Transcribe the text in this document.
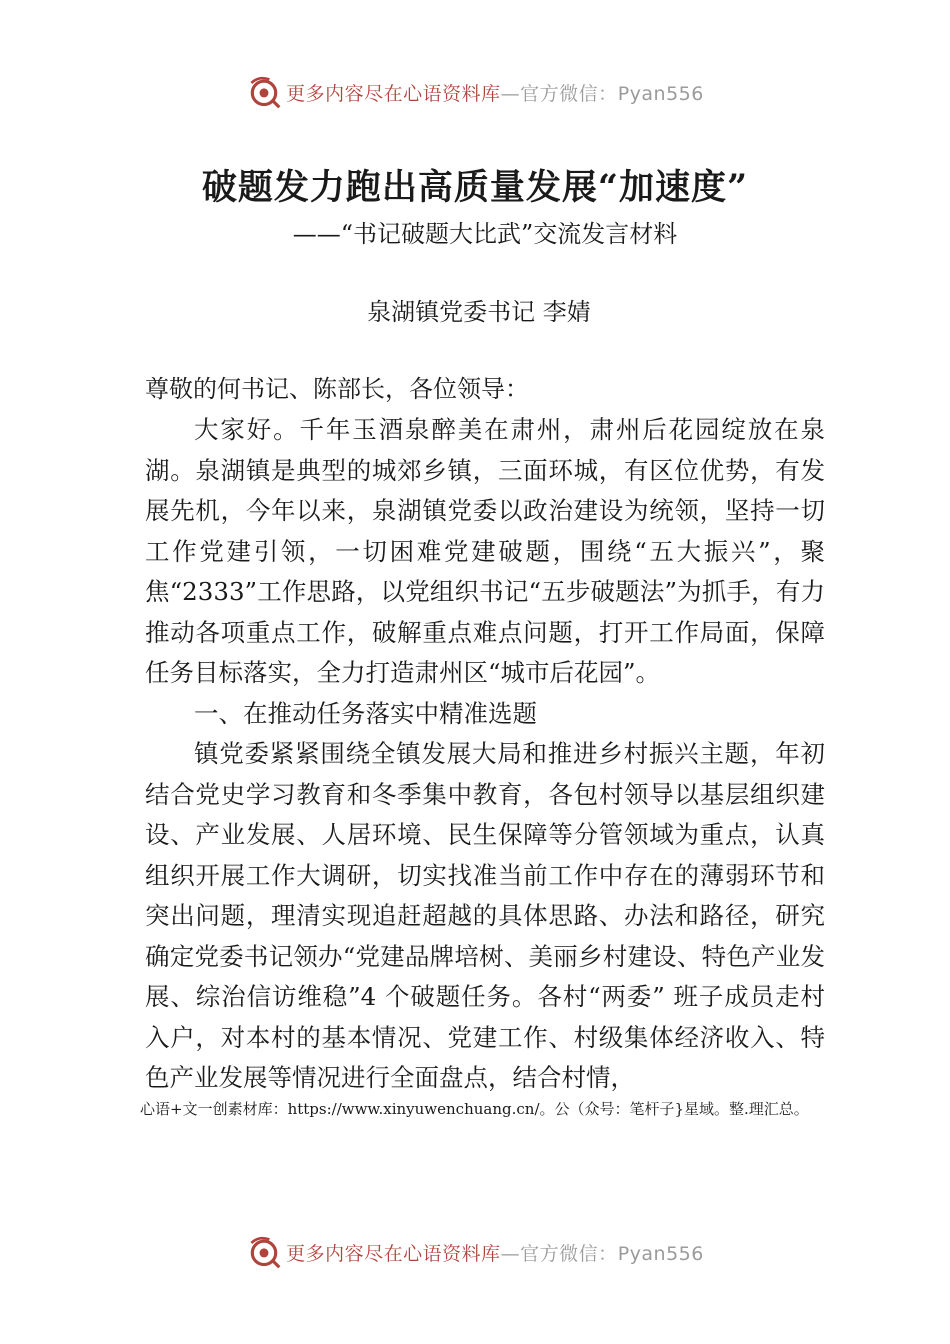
更多内容尽在心语资料库—官方微信：Pyan556
破题发力跑出高质量发展“加速度”
——“书记破题大比武”交流发言材料
泉湖镇党委书记 李婧
尊敬的何书记、陈部长，各位领导：

大家好。千年玉酒泉醉美在肃州，肃州后花园绽放在泉湖。泉湖镇是典型的城郊乡镇，三面环城，有区位优势，有发展先机，今年以来，泉湖镇党委以政治建设为统领，坚持一切工作党建引领，一切困难党建破题，围绕“五大振兴”，聚焦“2333”工作思路，以党组织书记“五步破题法”为抓手，有力推动各项重点工作，破解重点难点问题，打开工作局面，保障任务目标落实，全力打造肃州区“城市后花园”。

一、在推动任务落实中精准选题

镇党委紧紧围绕全镇发展大局和推进乡村振兴主题，年初结合党史学习教育和冬季集中教育，各包村领导以基层组织建设、产业发展、人居环境、民生保障等分管领域为重点，认真组织开展工作大调研，切实找准当前工作中存在的薄弱环节和突出问题，理清实现追赶超越的具体思路、办法和路径，研究确定党委书记领办“党建品牌培树、美丽乡村建设、特色产业发展、综治信访维稳”4 个破题任务。各村“两委” 班子成员走村入户，对本村的基本情况、党建工作、村级集体经济收入、特色产业发展等情况进行全面盘点，结合村情，

心语+文一创素材库：https://www.xinyuwenchuang.cn/。公（众号：笔杆子}星域。整.理汇总。
更多内容尽在心语资料库—官方微信：Pyan556
